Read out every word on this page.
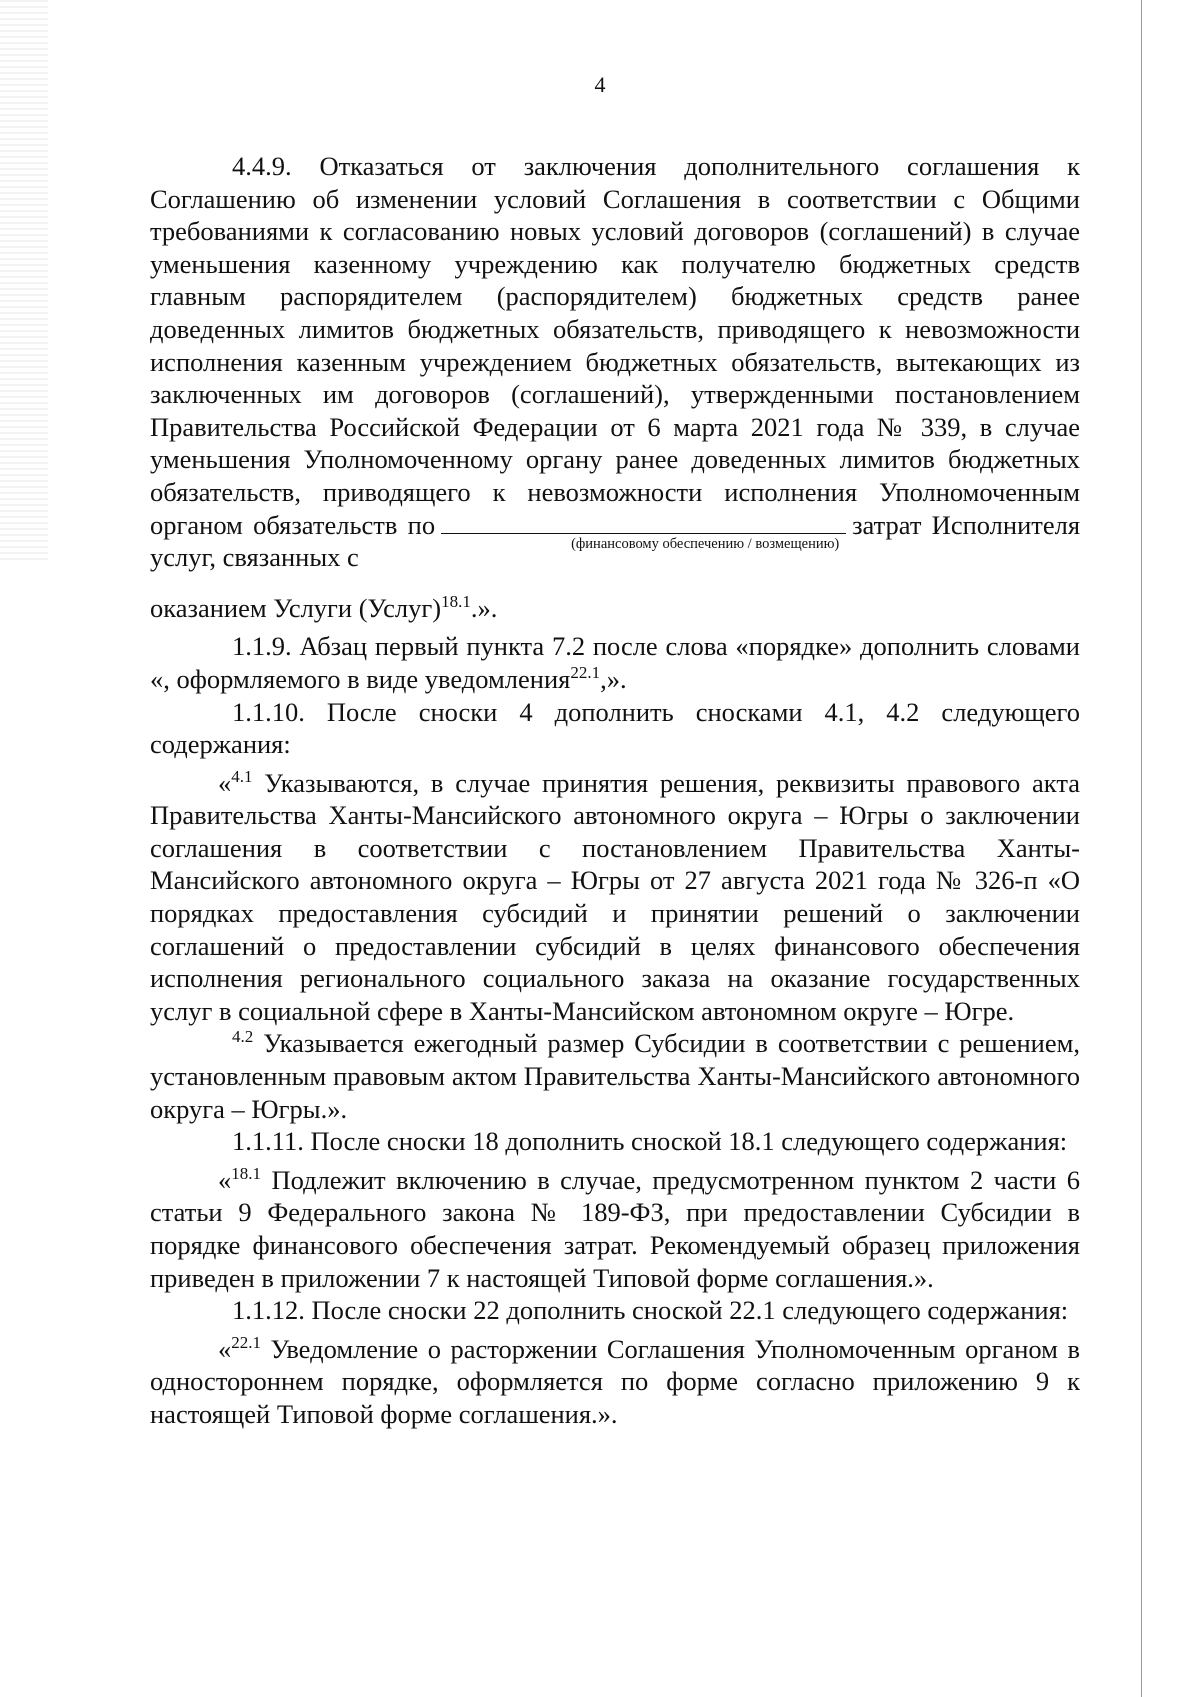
4

4.4.9. Отказаться от заключения дополнительного соглашения к Соглашению об изменении условий Соглашения в соответствии с Общими требованиями к согласованию новых условий договоров (соглашений) в случае уменьшения казенному учреждению как получателю бюджетных средств главным распорядителем (распорядителем) бюджетных средств ранее доведенных лимитов бюджетных обязательств, приводящего к невозможности исполнения казенным учреждением бюджетных обязательств, вытекающих из заключенных им договоров (соглашений), утвержденными постановлением Правительства Российской Федерации от 6 марта 2021 года № 339, в случае уменьшения Уполномоченному органу ранее доведенных лимитов бюджетных обязательств, приводящего к невозможности исполнения Уполномоченным органом обязательств по
(финансовому обеспечению / возмещению)
затрат Исполнителя услуг, связанных с

оказанием Услуги (Услуг)$^{18.1}$.».

1.1.9. Абзац первый пункта 7.2 после слова «порядке» дополнить словами «, оформляемого в виде уведомления$^{22.1}$,».

1.1.10. После сноски 4 дополнить сносками 4.1, 4.2 следующего содержания:

«$^{4.1}$ Указываются, в случае принятия решения, реквизиты правового акта Правительства Ханты-Мансийского автономного округа – Югры о заключении соглашения в соответствии с постановлением Правительства Ханты-Мансийского автономного округа – Югры от 27 августа 2021 года № 326-п «О порядках предоставления субсидий и принятии решений о заключении соглашений о предоставлении субсидий в целях финансового обеспечения исполнения регионального социального заказа на оказание государственных услуг в социальной сфере в Ханты-Мансийском автономном округе – Югре.

$^{4.2}$ Указывается ежегодный размер Субсидии в соответствии с решением, установленным правовым актом Правительства Ханты-Мансийского автономного округа – Югры.».

1.1.11. После сноски 18 дополнить сноской 18.1 следующего содержания:

«$^{18.1}$ Подлежит включению в случае, предусмотренном пунктом 2 части 6 статьи 9 Федерального закона № 189-ФЗ, при предоставлении Субсидии в порядке финансового обеспечения затрат. Рекомендуемый образец приложения приведен в приложении 7 к настоящей Типовой форме соглашения.».

1.1.12. После сноски 22 дополнить сноской 22.1 следующего содержания:

«$^{22.1}$ Уведомление о расторжении Соглашения Уполномоченным органом в одностороннем порядке, оформляется по форме согласно приложению 9 к настоящей Типовой форме соглашения.».
